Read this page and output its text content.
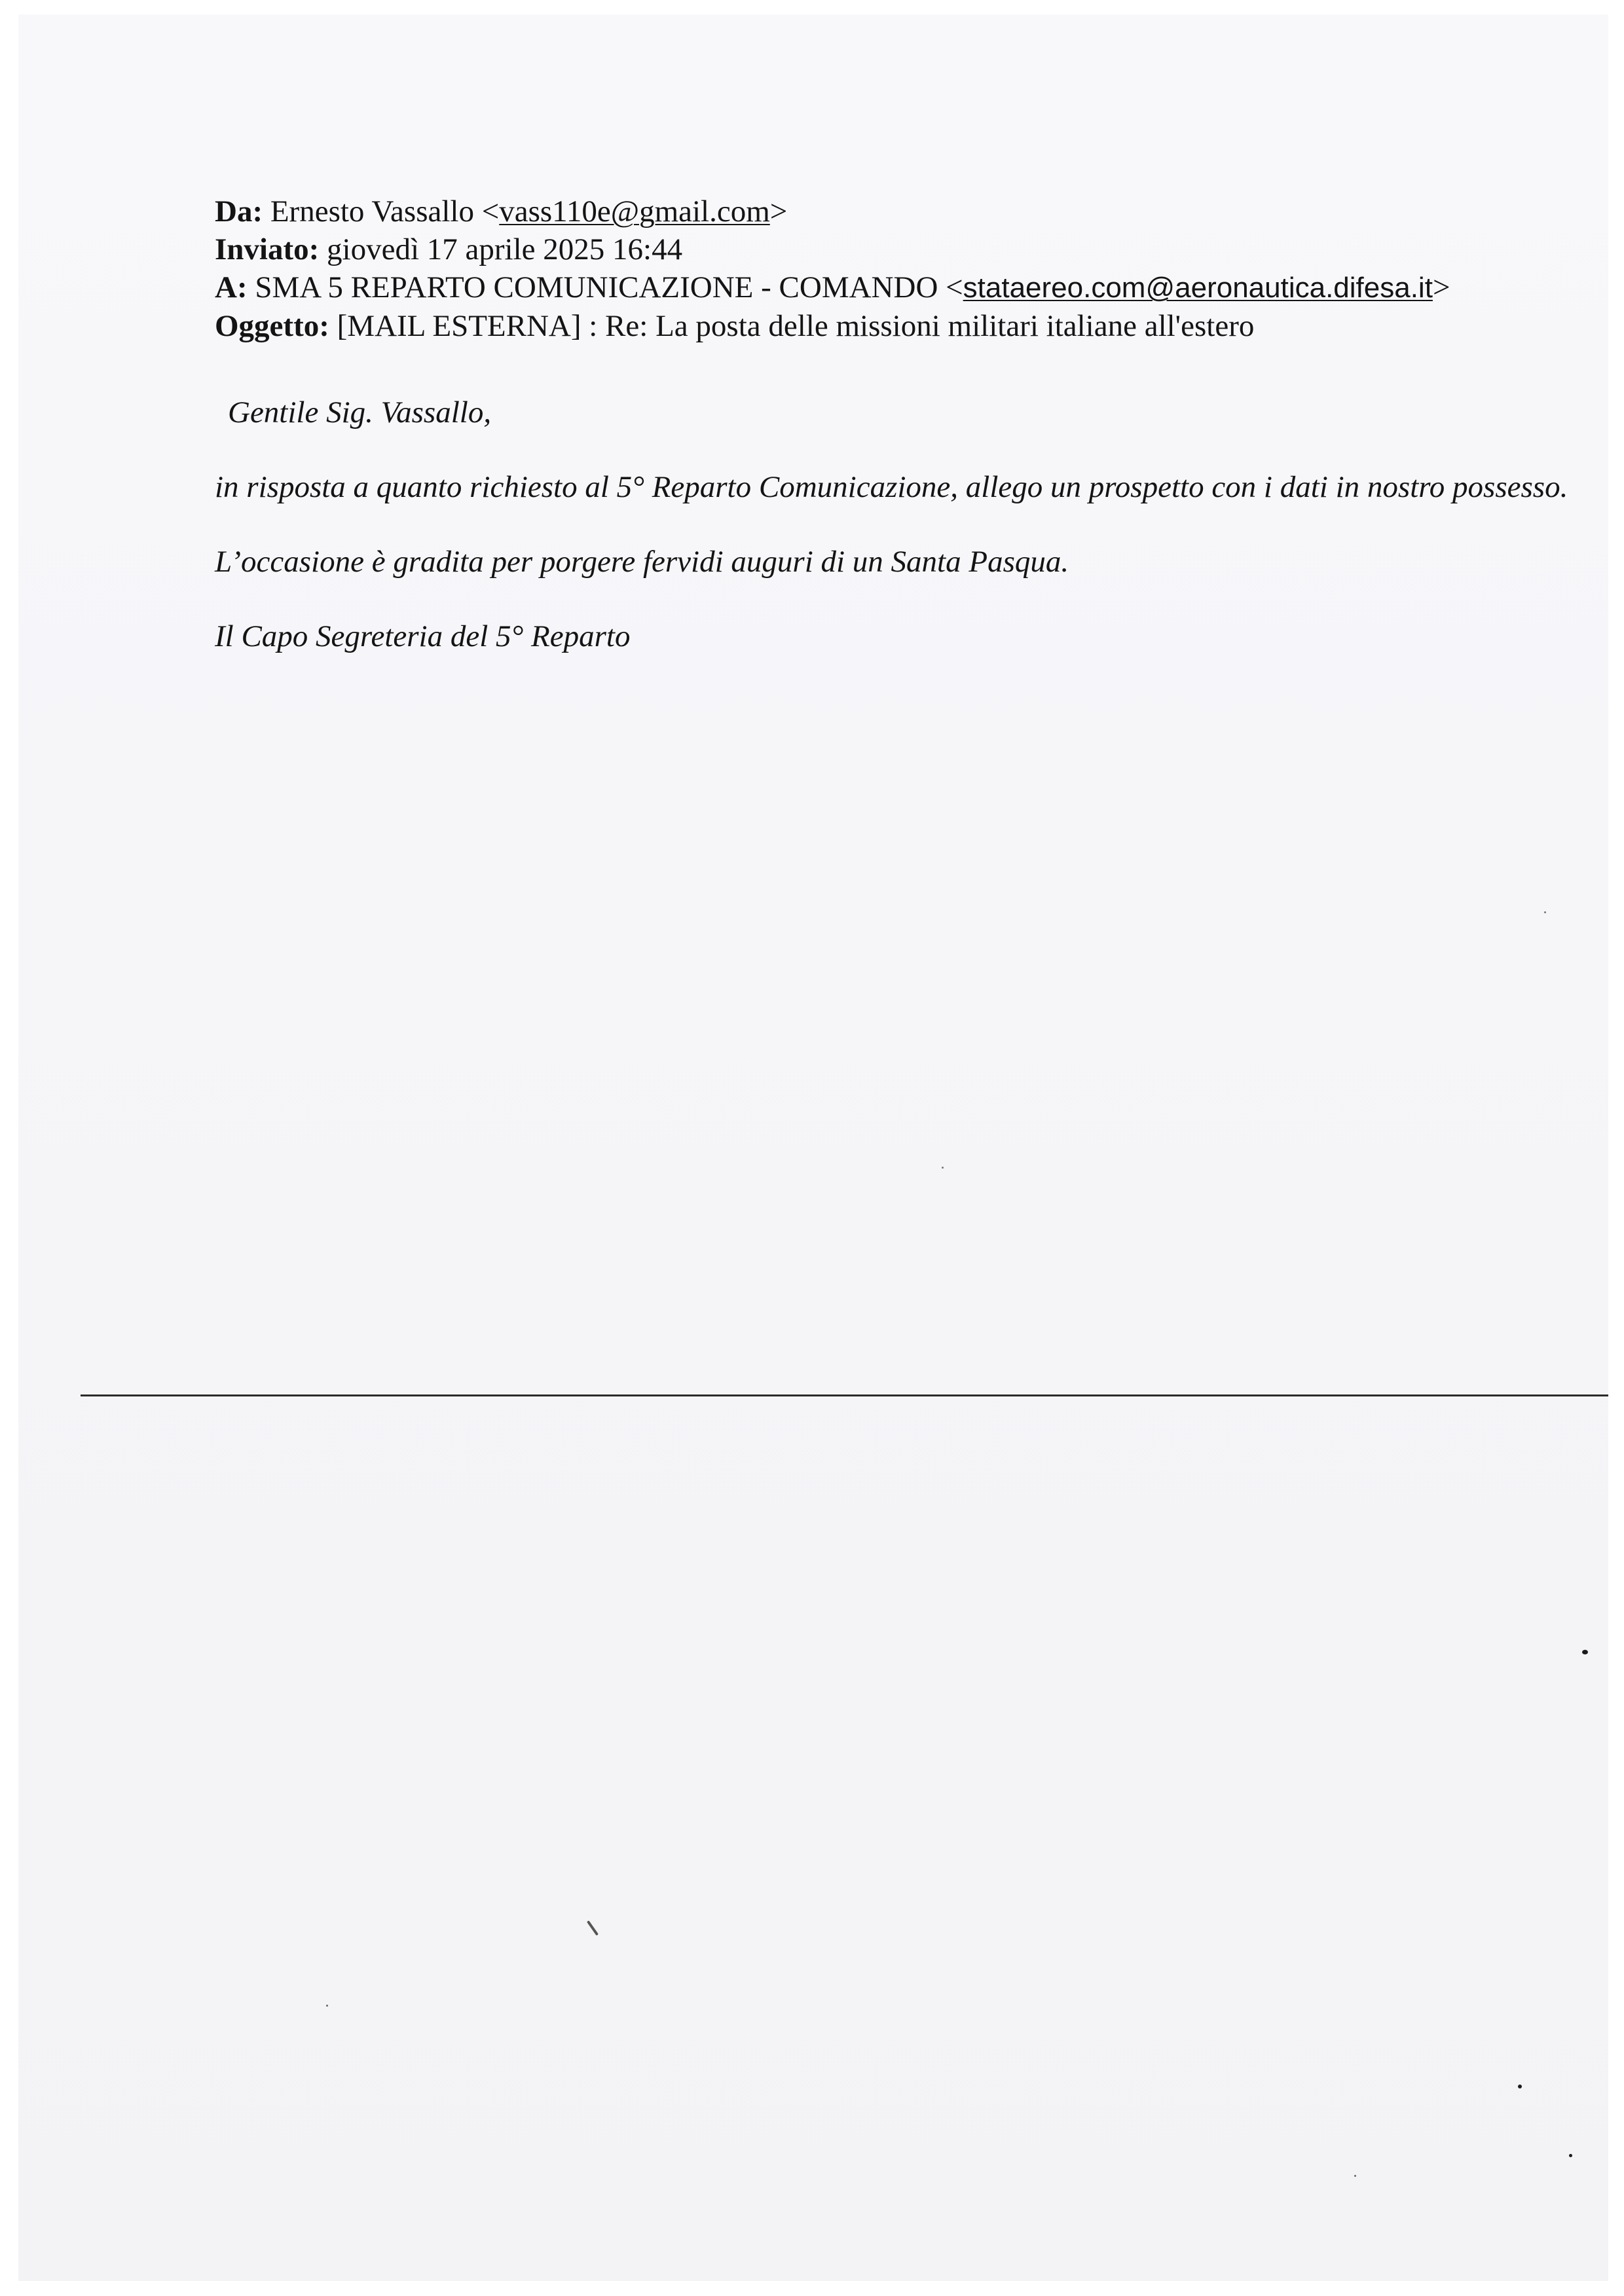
Da: Ernesto Vassallo <vass110e@gmail.com>
Inviato: giovedì 17 aprile 2025 16:44
A: SMA 5 REPARTO COMUNICAZIONE - COMANDO <stataereo.com@aeronautica.difesa.it>
Oggetto: [MAIL ESTERNA] : Re: La posta delle missioni militari italiane all'estero
Gentile Sig. Vassallo,
in risposta a quanto richiesto al 5° Reparto Comunicazione, allego un prospetto con i dati in nostro possesso.
L’occasione è gradita per porgere fervidi auguri di un Santa Pasqua.
Il Capo Segreteria del 5° Reparto
